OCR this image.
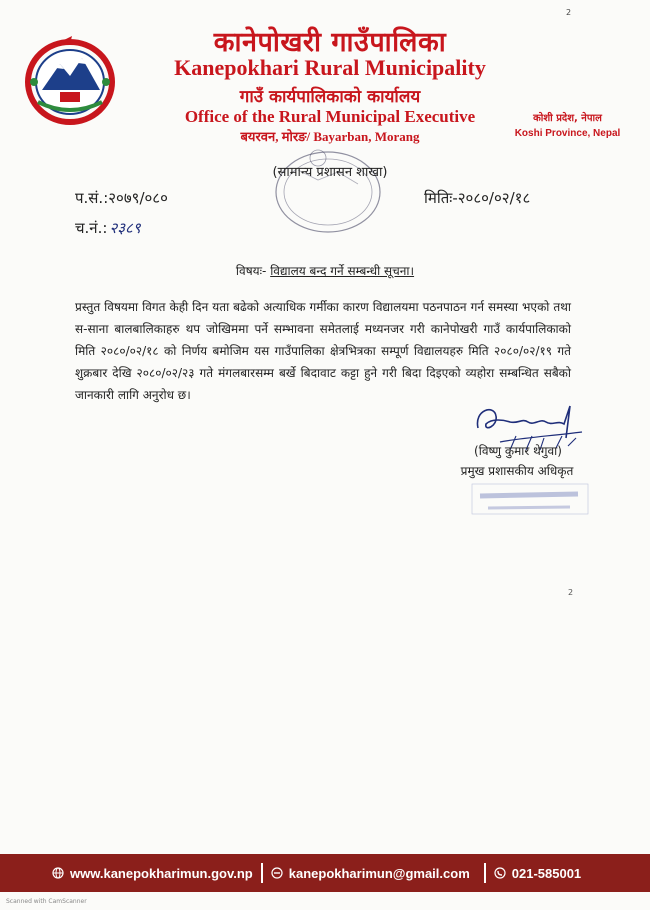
2
कानेपोखरी गाउँपालिका
Kanepokhari Rural Municipality
गाउँ कार्यपालिकाको कार्यालय
Office of the Rural Municipal Executive
बयरवन, मोरङ/ Bayarban, Morang
कोशी प्रदेश, नेपाल
Koshi Province, Nepal
(सामान्य प्रशासन शाखा)
प.सं.:२०७९/०८०	मितिः-२०८०/०२/१८
च.नं.: २३८९
विषयः- विद्यालय बन्द गर्ने सम्बन्धी सूचना।
प्रस्तुत विषयमा विगत केही दिन यता बढेको अत्याधिक गर्मीका कारण विद्यालयमा पठनपाठन गर्न समस्या भएको तथा स-साना बालबालिकाहरु थप जोखिममा पर्ने सम्भावना समेतलाई मध्यनजर गरी कानेपोखरी गाउँ कार्यपालिकाको मिति २०८०/०२/१८ को निर्णय बमोजिम यस गाउँपालिका क्षेत्रभित्रका सम्पूर्ण विद्यालयहरु मिति २०८०/०२/१९ गते शुक्रबार देखि २०८०/०२/२३ गते मंगलबारसम्म बर्खे बिदावाट कट्टा हुने गरी बिदा दिइएको व्यहोरा सम्बन्धित सबैको जानकारी लागि अनुरोध छ।
(विष्णु कुमार थेगुवा)
प्रमुख प्रशासकीय अधिकृत
2
www.kanepokharimun.gov.np	kanepokharimun@gmail.com	021-585001
Scanned with CamScanner
